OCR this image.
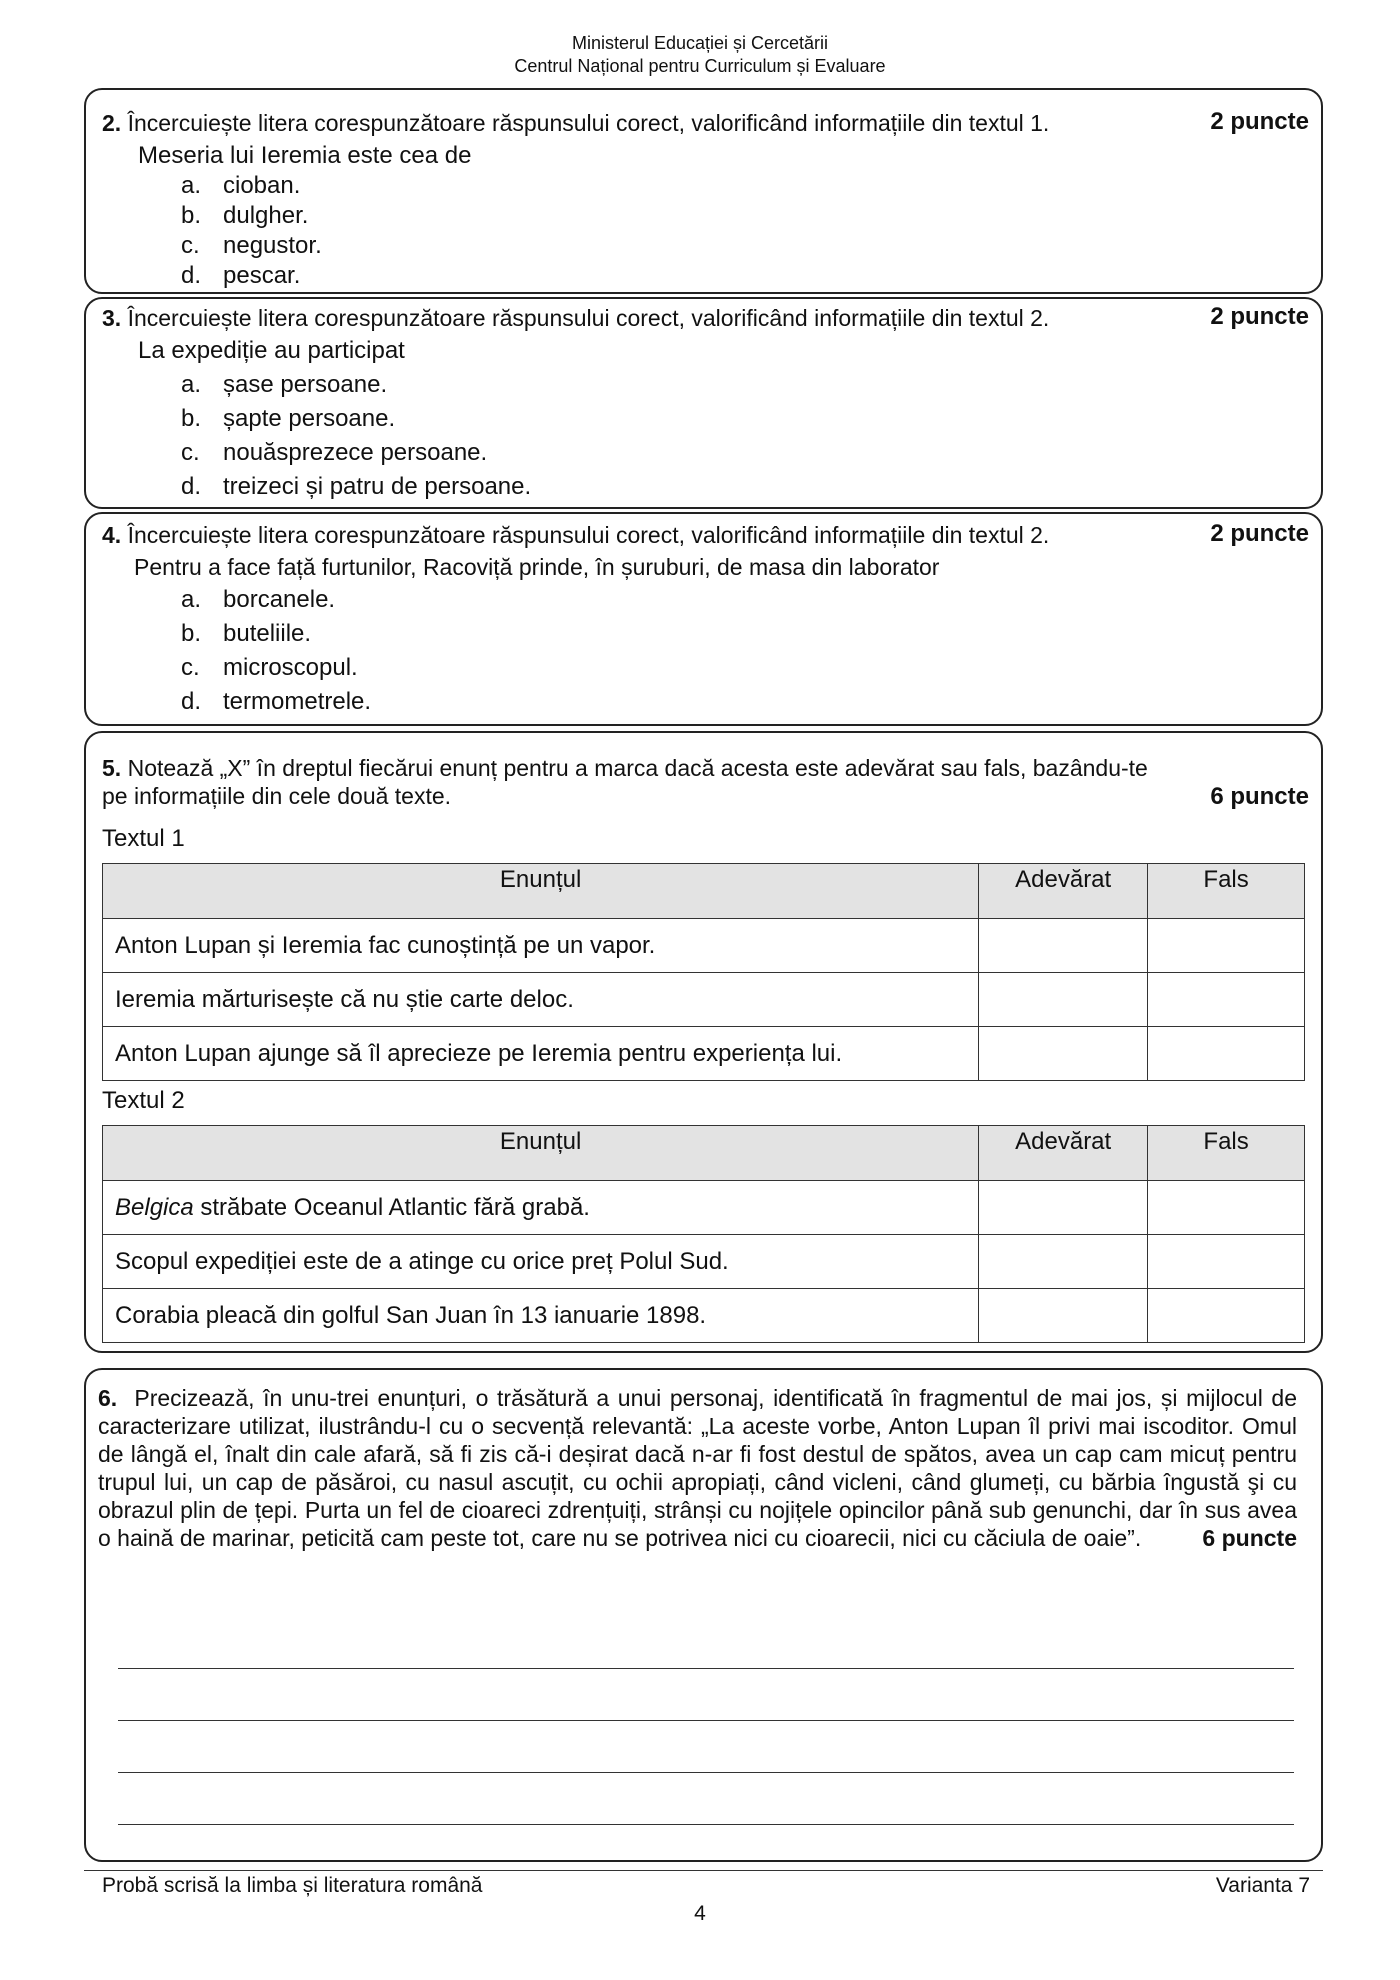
Ministerul Educației și Cercetării
Centrul Național pentru Curriculum și Evaluare
2. Încercuiește litera corespunzătoare răspunsului corect, valorificând informațiile din textul 1.	2 puncte
Meseria lui Ieremia este cea de
a. cioban.
b. dulgher.
c. negustor.
d. pescar.
3. Încercuiește litera corespunzătoare răspunsului corect, valorificând informațiile din textul 2.	2 puncte
La expediție au participat
a. șase persoane.
b. șapte persoane.
c. nouăsprezece persoane.
d. treizeci și patru de persoane.
4. Încercuiește litera corespunzătoare răspunsului corect, valorificând informațiile din textul 2.	2 puncte
Pentru a face față furtunilor, Racoviță prinde, în șuruburi, de masa din laborator
a. borcanele.
b. buteliile.
c. microscopul.
d. termometrele.
5. Notează „X” în dreptul fiecărui enunț pentru a marca dacă acesta este adevărat sau fals, bazându-te
pe informațiile din cele două texte.	6 puncte
Textul 1
Enunțul	Adevărat	Fals
Anton Lupan și Ieremia fac cunoștință pe un vapor.		
Ieremia mărturisește că nu știe carte deloc.		
Anton Lupan ajunge să îl aprecieze pe Ieremia pentru experiența lui.		
Textul 2
Enunțul	Adevărat	Fals
Belgica străbate Oceanul Atlantic fără grabă.		
Scopul expediției este de a atinge cu orice preț Polul Sud.		
Corabia pleacă din golful San Juan în 13 ianuarie 1898.		
6. Precizează, în unu-trei enunțuri, o trăsătură a unui personaj, identificată în fragmentul de mai jos, și mijlocul de caracterizare utilizat, ilustrându-l cu o secvență relevantă: „La aceste vorbe, Anton Lupan îl privi mai iscoditor. Omul de lângă el, înalt din cale afară, să fi zis că-i deșirat dacă n-ar fi fost destul de spătos, avea un cap cam micuț pentru trupul lui, un cap de păsăroi, cu nasul ascuțit, cu ochii apropiați, când vicleni, când glumeți, cu bărbia îngustă şi cu obrazul plin de țepi. Purta un fel de cioareci zdrențuiți, strânși cu nojițele opincilor până sub genunchi, dar în sus avea o haină de marinar, peticită cam peste tot, care nu se potrivea nici cu cioarecii, nici cu căciula de oaie”.	6 puncte
Probă scrisă la limba și literatura română	Varianta 7
4
